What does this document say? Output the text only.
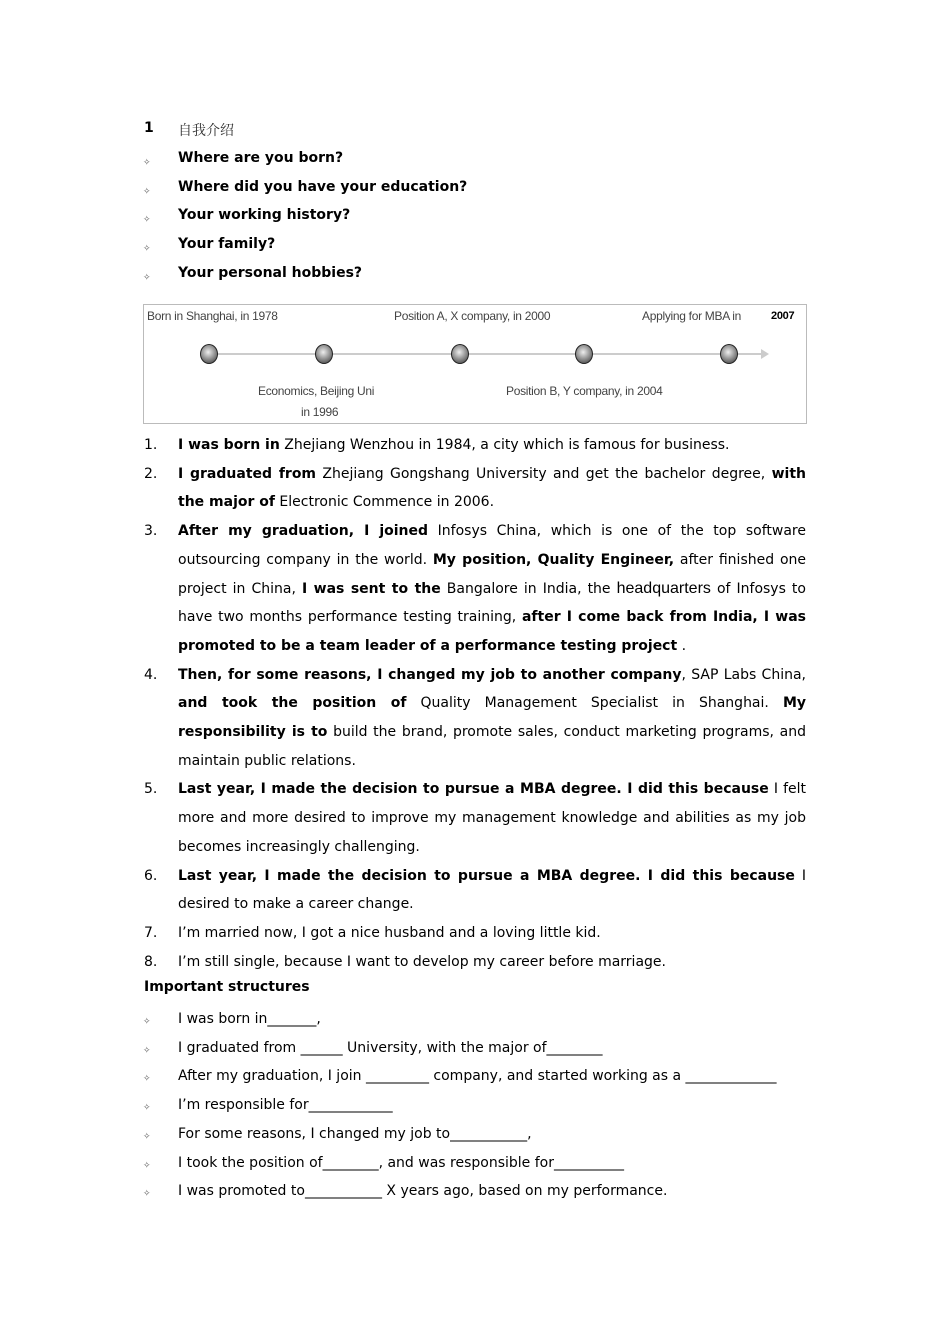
1 自我介绍
✧ Where are you born?
✧ Where did you have your education?
✧ Your working history?
✧ Your family?
✧ Your personal hobbies?
Born in Shanghai, in 1978	Position A, X company, in 2000	Applying for MBA in	2007
Economics, Beijing Uni
in 1996
Position B, Y company, in 2004
1.	I was born in Zhejiang Wenzhou in 1984, a city which is famous for business.
2.	I graduated from Zhejiang Gongshang University and get the bachelor degree, with the major of Electronic Commence in 2006.
3.	After my graduation, I joined Infosys China, which is one of the top software outsourcing company in the world. My position, Quality Engineer, after finished one project in China, I was sent to the Bangalore in India, the headquarters of Infosys to have two months performance testing training, after I come back from India, I was promoted to be a team leader of a performance testing project .
4.	Then, for some reasons, I changed my job to another company, SAP Labs China, and took the position of Quality Management Specialist in Shanghai. My responsibility is to build the brand, promote sales, conduct marketing programs, and maintain public relations.
5.	Last year, I made the decision to pursue a MBA degree. I did this because I felt more and more desired to improve my management knowledge and abilities as my job becomes increasingly challenging.
6.	Last year, I made the decision to pursue a MBA degree. I did this because I desired to make a career change.
7.	I’m married now, I got a nice husband and a loving little kid.
8.	I’m still single, because I want to develop my career before marriage.
Important structures
✧ I was born in_______,
✧ I graduated from ______ University, with the major of________
✧ After my graduation, I join _________ company, and started working as a _____________
✧ I’m responsible for____________
✧ For some reasons, I changed my job to___________,
✧ I took the position of________, and was responsible for__________
✧ I was promoted to___________ X years ago, based on my performance.
